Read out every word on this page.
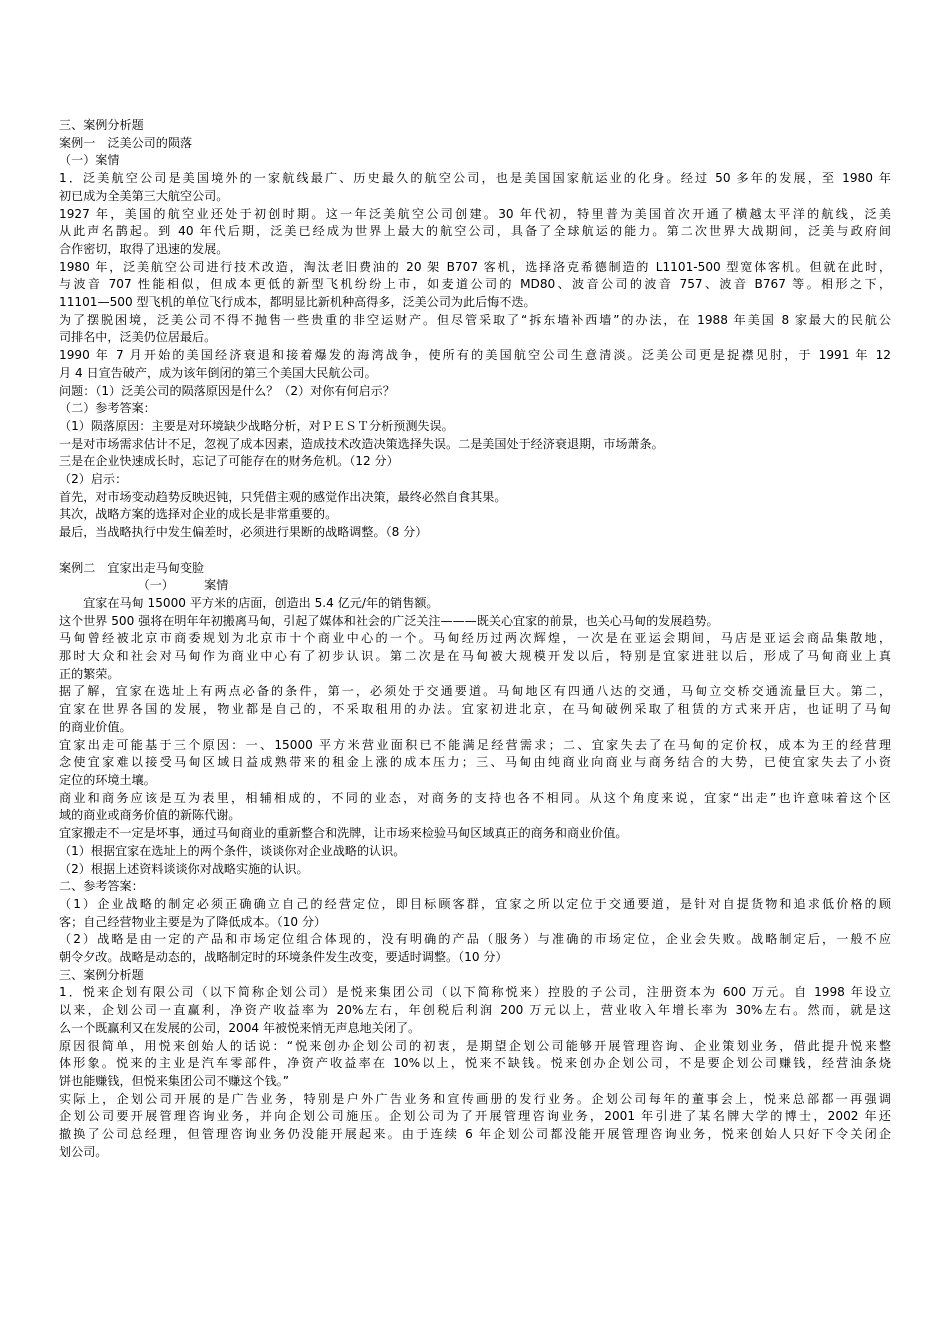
三、案例分析题

案例一　泛美公司的陨落

（一）案情

1．泛美航空公司是美国境外的一家航线最广、历史最久的航空公司，也是美国国家航运业的化身。经过 50 多年的发展，至 1980 年

初已成为全美第三大航空公司。

1927 年，美国的航空业还处于初创时期。这一年泛美航空公司创建。30 年代初，特里普为美国首次开通了横越太平洋的航线，泛美

从此声名鹊起。到 40 年代后期，泛美已经成为世界上最大的航空公司，具备了全球航运的能力。第二次世界大战期间，泛美与政府间

合作密切，取得了迅速的发展。

1980 年，泛美航空公司进行技术改造，淘汰老旧费油的 20 架 B707 客机，选择洛克希德制造的 L1101-500 型宽体客机。但就在此时，

与波音 707 性能相似，但成本更低的新型飞机纷纷上市，如麦道公司的 MD80、波音公司的波音 757、波音 B767 等。相形之下，

11101—500 型飞机的单位飞行成本，都明显比新机种高得多，泛美公司为此后悔不迭。

为了摆脱困境，泛美公司不得不抛售一些贵重的非空运财产。但尽管采取了“拆东墙补西墙”的办法，在 1988 年美国 8 家最大的民航公

司排名中，泛美仍位居最后。

1990 年 7 月开始的美国经济衰退和接着爆发的海湾战争，使所有的美国航空公司生意清淡。泛美公司更是捉襟见肘，于 1991 年 12

月 4 日宣告破产，成为该年倒闭的第三个美国大民航公司。

问题：（1）泛美公司的陨落原因是什么？（2）对你有何启示？

（二）参考答案：

（1）陨落原因：主要是对环境缺少战略分析，对ＰＥＳＴ分析预测失误。

一是对市场需求估计不足，忽视了成本因素，造成技术改造决策选择失误。二是美国处于经济衰退期，市场萧条。

三是在企业快速成长时，忘记了可能存在的财务危机。（12 分）

（2）启示：

首先，对市场变动趋势反映迟钝，只凭借主观的感觉作出决策，最终必然自食其果。

其次，战略方案的选择对企业的成长是非常重要的。

最后，当战略执行中发生偏差时，必须进行果断的战略调整。（8 分）

案例二　宜家出走马甸变脸

　　　　　　　（一）　　　案情

　　宜家在马甸 15000 平方米的店面，创造出 5.4 亿元/年的销售额。

这个世界 500 强将在明年年初搬离马甸，引起了媒体和社会的广泛关注———既关心宜家的前景，也关心马甸的发展趋势。

马甸曾经被北京市商委规划为北京市十个商业中心的一个。马甸经历过两次辉煌，一次是在亚运会期间，马店是亚运会商品集散地，

那时大众和社会对马甸作为商业中心有了初步认识。第二次是在马甸被大规模开发以后，特别是宜家进驻以后，形成了马甸商业上真

正的繁荣。

据了解，宜家在选址上有两点必备的条件，第一，必须处于交通要道。马甸地区有四通八达的交通，马甸立交桥交通流量巨大。第二，

宜家在世界各国的发展，物业都是自己的，不采取租用的办法。宜家初进北京，在马甸破例采取了租赁的方式来开店，也证明了马甸

的商业价值。

宜家出走可能基于三个原因：一、15000 平方米营业面积已不能满足经营需求；二、宜家失去了在马甸的定价权，成本为王的经营理

念使宜家难以接受马甸区域日益成熟带来的租金上涨的成本压力；三、马甸由纯商业向商业与商务结合的大势，已使宜家失去了小资

定位的环境土壤。

商业和商务应该是互为表里，相辅相成的，不同的业态，对商务的支持也各不相同。从这个角度来说，宜家“出走”也许意味着这个区

域的商业或商务价值的新陈代谢。

宜家搬走不一定是坏事，通过马甸商业的重新整合和洗牌，让市场来检验马甸区域真正的商务和商业价值。

（1）根据宜家在选址上的两个条件，谈谈你对企业战略的认识。

（2）根据上述资料谈谈你对战略实施的认识。

二、参考答案：

（1）企业战略的制定必须正确确立自己的经营定位，即目标顾客群，宜家之所以定位于交通要道，是针对自提货物和追求低价格的顾

客；自己经营物业主要是为了降低成本。（10 分）

（2）战略是由一定的产品和市场定位组合体现的，没有明确的产品（服务）与准确的市场定位，企业会失败。战略制定后，一般不应

朝令夕改。战略是动态的，战略制定时的环境条件发生改变，要适时调整。（10 分）

三、案例分析题

1．悦来企划有限公司（以下简称企划公司）是悦来集团公司（以下简称悦来）控股的子公司，注册资本为 600 万元。自 1998 年设立

以来，企划公司一直赢利，净资产收益率为 20%左右，年创税后利润 200 万元以上，营业收入年增长率为 30%左右。然而，就是这

么一个既赢利又在发展的公司，2004 年被悦来悄无声息地关闭了。

原因很简单，用悦来创始人的话说：“悦来创办企划公司的初衷，是期望企划公司能够开展管理咨询、企业策划业务，借此提升悦来整

体形象。悦来的主业是汽车零部件，净资产收益率在 10%以上，悦来不缺钱。悦来创办企划公司，不是要企划公司赚钱，经营油条烧

饼也能赚钱，但悦来集团公司不赚这个钱。”

实际上，企划公司开展的是广告业务，特别是户外广告业务和宣传画册的发行业务。企划公司每年的董事会上，悦来总部都一再强调

企划公司要开展管理咨询业务，并向企划公司施压。企划公司为了开展管理咨询业务，2001 年引进了某名牌大学的博士，2002 年还

撤换了公司总经理，但管理咨询业务仍没能开展起来。由于连续 6 年企划公司都没能开展管理咨询业务，悦来创始人只好下令关闭企

划公司。
